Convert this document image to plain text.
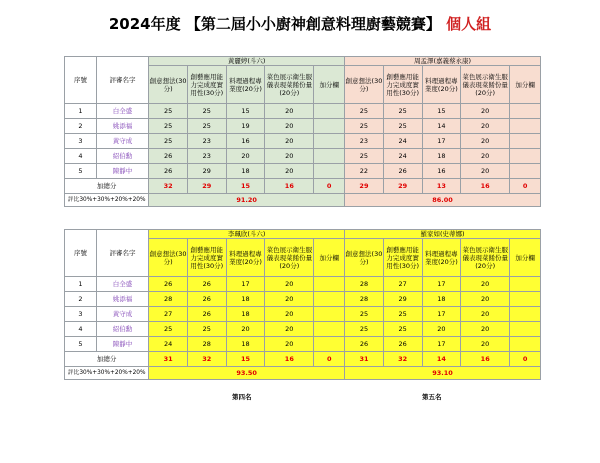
2024年度 【第二屆小小廚神創意料理廚藝競賽】 個人組
序號	評審名字	黃麗婷(斗六)					周孟澤(嘉義蔡永康)				
		創意想法(30分)	創藝應用能力完成度實用性(30分)	料理過程專業度(20分)	菜色展示衛生服儀表現菜餚份量(20分)	加分欄	創意想法(30分)	創藝應用能力完成度實用性(30分)	料理過程專業度(20分)	菜色展示衛生服儀表現菜餚份量(20分)	加分欄
1	白全盛	25	25	15	20		25	25	15	20	
2	姚添福	25	25	19	20		25	25	14	20	
3	黃守成	25	23	16	20		23	24	17	20	
4	紹伯勳	26	23	20	20		25	24	18	20	
5	陳靜中	26	29	18	20		22	26	16	20	
加總分		32	29	15	16	0	29	29	13	16	0
評比30%+30%+20%+20%		91.20					86.00				
序號	評審名字	李珮欣(斗六)					羅家如(史蒂娜)				
		創意想法(30分)	創藝應用能力完成度實用性(30分)	料理過程專業度(20分)	菜色展示衛生服儀表現菜餚份量(20分)	加分欄	創意想法(30分)	創藝應用能力完成度實用性(30分)	料理過程專業度(20分)	菜色展示衛生服儀表現菜餚份量(20分)	加分欄
1	白全盛	26	26	17	20		28	27	17	20	
2	姚添福	28	26	18	20		28	29	18	20	
3	黃守成	27	26	18	20		25	25	17	20	
4	紹伯勳	25	25	20	20		25	25	20	20	
5	陳靜中	24	28	18	20		26	26	17	20	
加總分		31	32	15	16	0	31	32	14	16	0
評比30%+30%+20%+20%		93.50					93.10				
第四名	第五名
